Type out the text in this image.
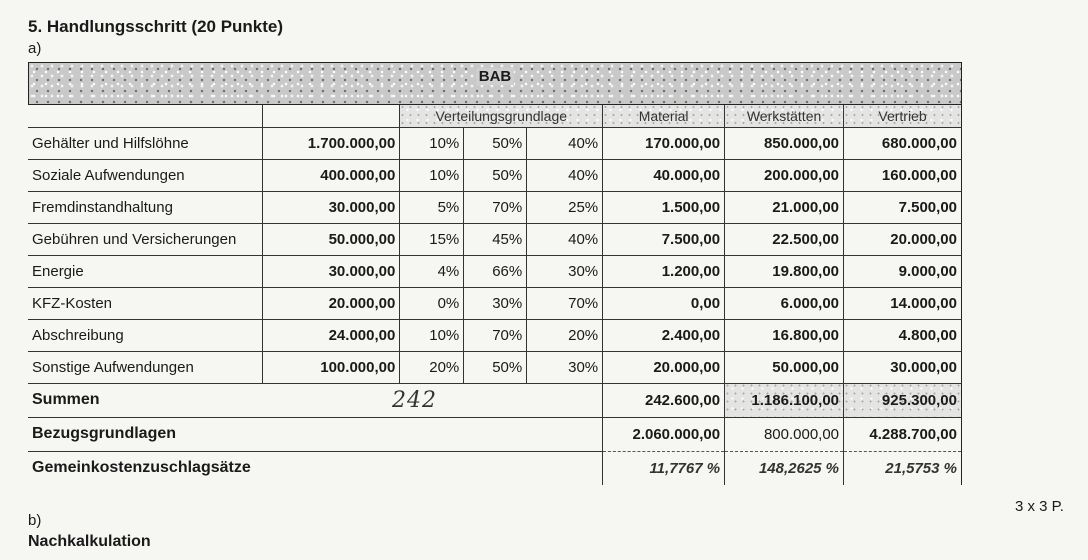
5. Handlungsschritt (20 Punkte)
a)
BAB
		Verteilungsgrundlage			Material	Werkstätten	Vertrieb
Gehälter und Hilfslöhne	1.700.000,00	10%	50%	40%	170.000,00	850.000,00	680.000,00
Soziale Aufwendungen	400.000,00	10%	50%	40%	40.000,00	200.000,00	160.000,00
Fremdinstandhaltung	30.000,00	5%	70%	25%	1.500,00	21.000,00	7.500,00
Gebühren und Versicherungen	50.000,00	15%	45%	40%	7.500,00	22.500,00	20.000,00
Energie	30.000,00	4%	66%	30%	1.200,00	19.800,00	9.000,00
KFZ-Kosten	20.000,00	0%	30%	70%	0,00	6.000,00	14.000,00
Abschreibung	24.000,00	10%	70%	20%	2.400,00	16.800,00	4.800,00
Sonstige Aufwendungen	100.000,00	20%	50%	30%	20.000,00	50.000,00	30.000,00
Summen					242.600,00	1.186.100,00	925.300,00
Bezugsgrundlagen					2.060.000,00	800.000,00	4.288.700,00
Gemeinkostenzuschlagsätze					11,7767 %	148,2625 %	21,5753 %
242
b)
Nachkalkulation
3 x 3 P.
